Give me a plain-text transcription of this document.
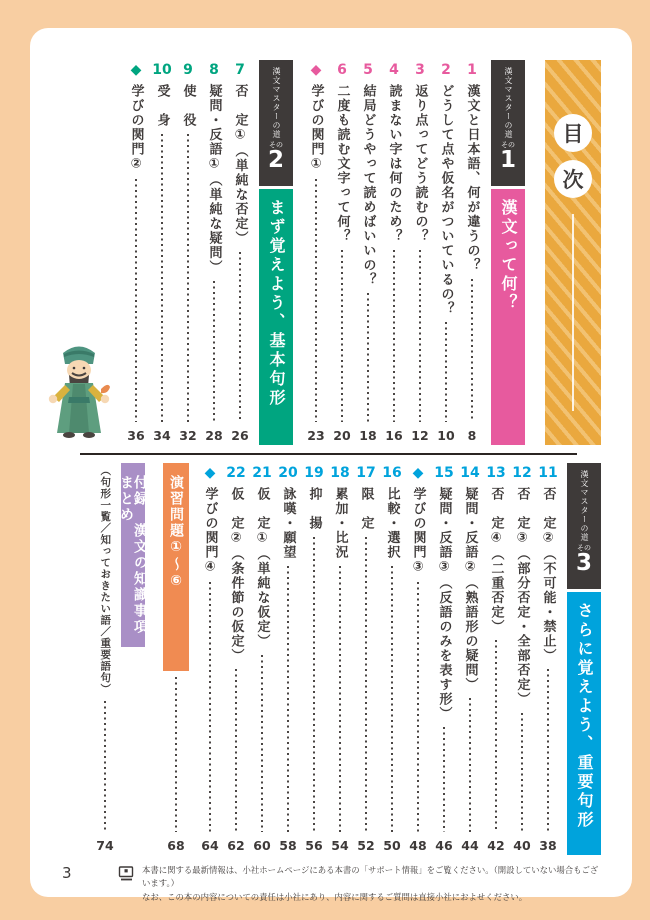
目
次
漢文マスターの道
その
1
漢文って何？
1
漢文と日本語、何が違うの？
8
2
どうして点や仮名がついているの？
10
3
返り点ってどう読むの？
12
4
読まない字は何のため？
16
5
結局どうやって読めばいいの？
18
6
二度も読む文字って何？
20
◆
学びの関門①
23
漢文マスターの道
その
2
まず覚えよう、基本句形
7
否　定①（単純な否定）
26
8
疑問・反語①（単純な疑問）
28
9
使　役
32
10
受　身
34
◆
学びの関門②
36
漢文マスターの道
その
3
さらに覚えよう、重要句形
11
否　定②（不可能・禁止）
38
12
否　定③（部分否定・全部否定）
40
13
否　定④（二重否定）
42
14
疑問・反語②（熟語形の疑問）
44
15
疑問・反語③（反語のみを表す形）
46
◆
学びの関門③
48
16
比較・選択
50
17
限　定
52
18
累加・比況
54
19
抑　揚
56
20
詠嘆・願望
58
21
仮　定①（単純な仮定）
60
22
仮　定②（条件節の仮定）
62
◆
学びの関門④
64
演習問題①～⑥
68
付録　漢文の知識事項まとめ
（句形一覧／知っておきたい語／重要語句）
74
3	本書に関する最新情報は、小社ホームページにある本書の「サポート情報」をご覧ください。（開設していない場合もございます。）
なお、この本の内容についての責任は小社にあり、内容に関するご質問は直接小社におよせください。
